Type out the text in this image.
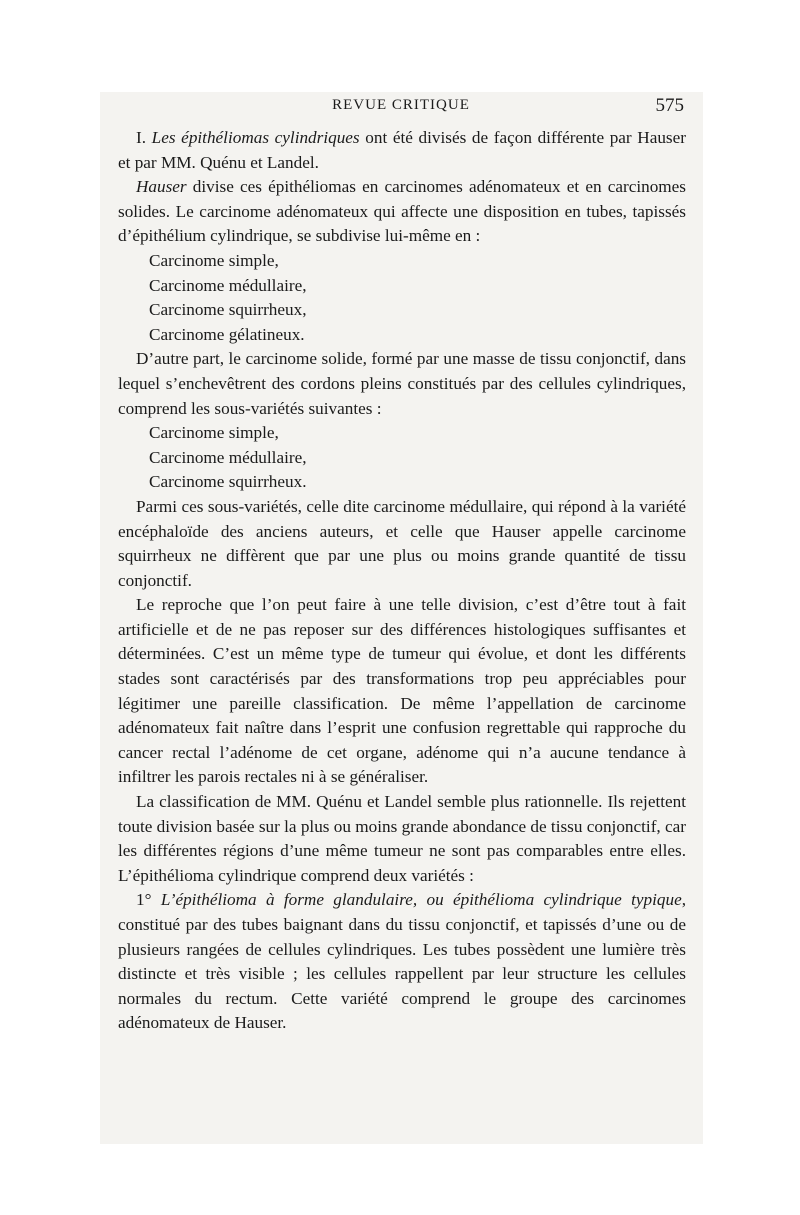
REVUE CRITIQUE	575

I. Les épithéliomas cylindriques ont été divisés de façon différente par Hauser et par MM. Quénu et Landel.

Hauser divise ces épithéliomas en carcinomes adénomateux et en carcinomes solides. Le carcinome adénomateux qui affecte une disposition en tubes, tapissés d’épithélium cylindrique, se subdivise lui-même en :

Carcinome simple,
Carcinome médullaire,
Carcinome squirrheux,
Carcinome gélatineux.

D’autre part, le carcinome solide, formé par une masse de tissu conjonctif, dans lequel s’enchevêtrent des cordons pleins constitués par des cellules cylindriques, comprend les sous-variétés suivantes :

Carcinome simple,
Carcinome médullaire,
Carcinome squirrheux.

Parmi ces sous-variétés, celle dite carcinome médullaire, qui répond à la variété encéphaloïde des anciens auteurs, et celle que Hauser appelle carcinome squirrheux ne diffèrent que par une plus ou moins grande quantité de tissu conjonctif.

Le reproche que l’on peut faire à une telle division, c’est d’être tout à fait artificielle et de ne pas reposer sur des différences histologiques suffisantes et déterminées. C’est un même type de tumeur qui évolue, et dont les différents stades sont caractérisés par des transformations trop peu appréciables pour légitimer une pareille classification. De même l’appellation de carcinome adénomateux fait naître dans l’esprit une confusion regrettable qui rapproche du cancer rectal l’adénome de cet organe, adénome qui n’a aucune tendance à infiltrer les parois rectales ni à se généraliser.

La classification de MM. Quénu et Landel semble plus rationnelle. Ils rejettent toute division basée sur la plus ou moins grande abondance de tissu conjonctif, car les différentes régions d’une même tumeur ne sont pas comparables entre elles. L’épithélioma cylindrique comprend deux variétés :

1° L’épithélioma à forme glandulaire, ou épithélioma cylindrique typique, constitué par des tubes baignant dans du tissu conjonctif, et tapissés d’une ou de plusieurs rangées de cellules cylindriques. Les tubes possèdent une lumière très distincte et très visible ; les cellules rappellent par leur structure les cellules normales du rectum. Cette variété comprend le groupe des carcinomes adénomateux de Hauser.
